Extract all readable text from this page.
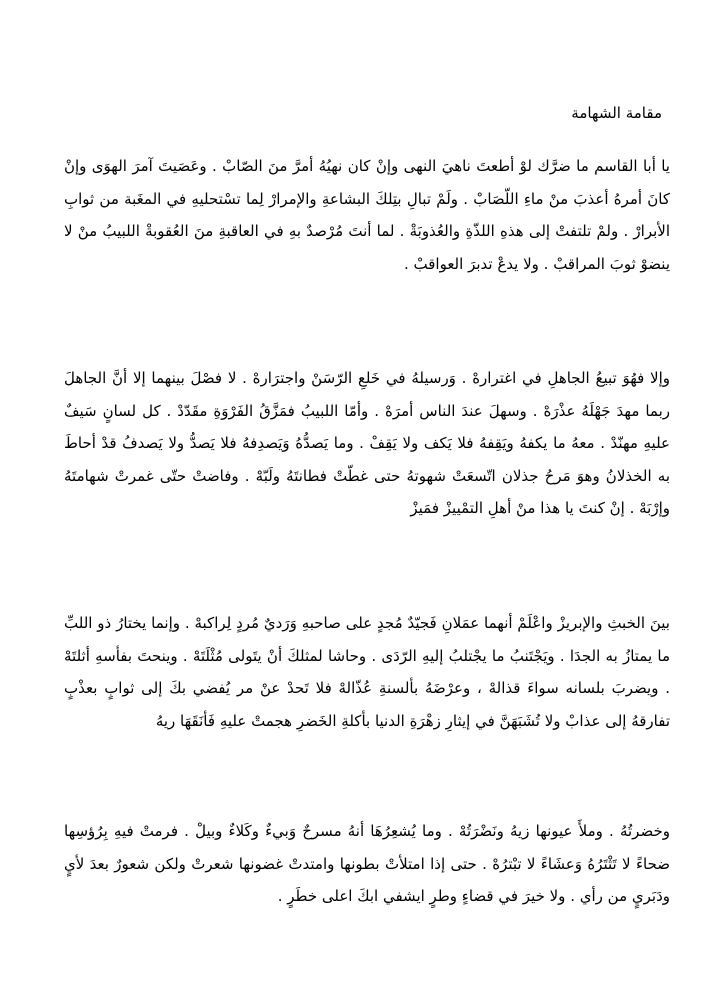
مقامة الشهامة

يا أبا القاسم ما ضرَّك لوْ أطعتَ ناهيَ النهى وإنْ كان نهيُهُ أمرَّ منَ الصّابْ . وعَصَيتَ آمرَ الهوَى وإنْ كانَ أمرهُ أعذبَ منْ ماءِ اللّصَابْ . ولَمْ تبالِ بتِلكَ البشاعةِ والإمرارْ لِما تسْتحليهِ في المغَبة من ثوابِ الأبرارْ . ولمْ تلتفتْ إلى هذهِ اللذّةِ والعُذوبَةْ . لما أنتَ مُرْصدٌ بهِ في العاقبةِ منَ العُقوبةْ اللبيبُ منْ لا ينضوْ ثوبَ المراقبْ . ولا يدعْ تدبرَ العواقبْ .

وإلا فهُوَ تبيعُ الجاهلِ في اغترارهْ . وَرسيلهُ في خَلعِ الرّسَنْ واجترَارهْ . لا فصْلَ بينهما إلا أنَّ الجاهلَ ربما مهدَ جَهْلَهُ عذْرَهْ . وسهلَ عندَ الناس أمرَهْ . وأمّا اللبيبُ فمَزَّقُ الفَرْوَةِ مقَدّدْ . كل لسانٍ سَيفٌ عليهِ مهنّدْ . معهُ ما يكفهُ ويَقِفهُ فلا يَكف ولا يَقِفْ . وما يَصدُّهُ وَيَصدِفهُ فلا يَصدُّ ولا يَصدفُ قدْ أحاطَ به الخذلانُ وهوَ مَرحُ جذلان اتّسعَتْ شهوتهُ حتى غطّتْ فطانتَهُ ولَبّهْ . وفاضتْ حتّى غمرتْ شهامتَهُ وإرْبَهْ . إنْ كنتَ يا هذا منْ أهلِ التمْييزْ فمَيزْ

بينَ الخبثِ والإبريزْ واعْلَمْ أنهما عمَلانِ فَجيّدٌ مُجدٍ على صاحبهِ وَرَديٌ مُردٍ لِراكبهْ . وإنما يختارُ ذو اللبِّ ما يمتازُ به الجدَا . ويَجْتَنبُ ما يجْتلبُ إليهِ الرّدَى . وحاشا لمثلكَ أنْ يتَولى مُثْلَتَهْ . وينحتَ بفأسهِ أثلتَهْ . ويضربَ بلسانه سواءَ قذالهْ ، وعرْضَهُ بألسنةِ عُذّالهْ فلا تَحدْ عنْ مر يُفضي بكَ إلى ثوابٍ بعذْبٍ تفارقهُ إلى عذابْ ولا تُشَبَهَنَّ في إيثارِ زهْرَةِ الدنيا بأكلةِ الخَضرِ هجمتْ عليهِ فَأنَقَهَا ريهُ

وخضرتُهُ . وملأَ عيونها زيهُ ونَضْرَتُهْ . وما يُشعِرُهَا أنهُ مسرحٌ وَبيءٌ وكَلاءٌ وبيلْ . فرمتْ فيهِ بِرُؤسِها ضحاءً لا تَثْتَرُهُ وَعشَاءً لا تبْترُهْ . حتى إذا امتلأتْ بطونها وامتدتْ غضونها شعرتْ ولكن شعورٌ بعدَ لأيٍ ودَبَريٍ من رأي . ولا خيرَ في قضاءٍ وطرٍ ايشفي ابكَ اعلى خطَرٍ .
